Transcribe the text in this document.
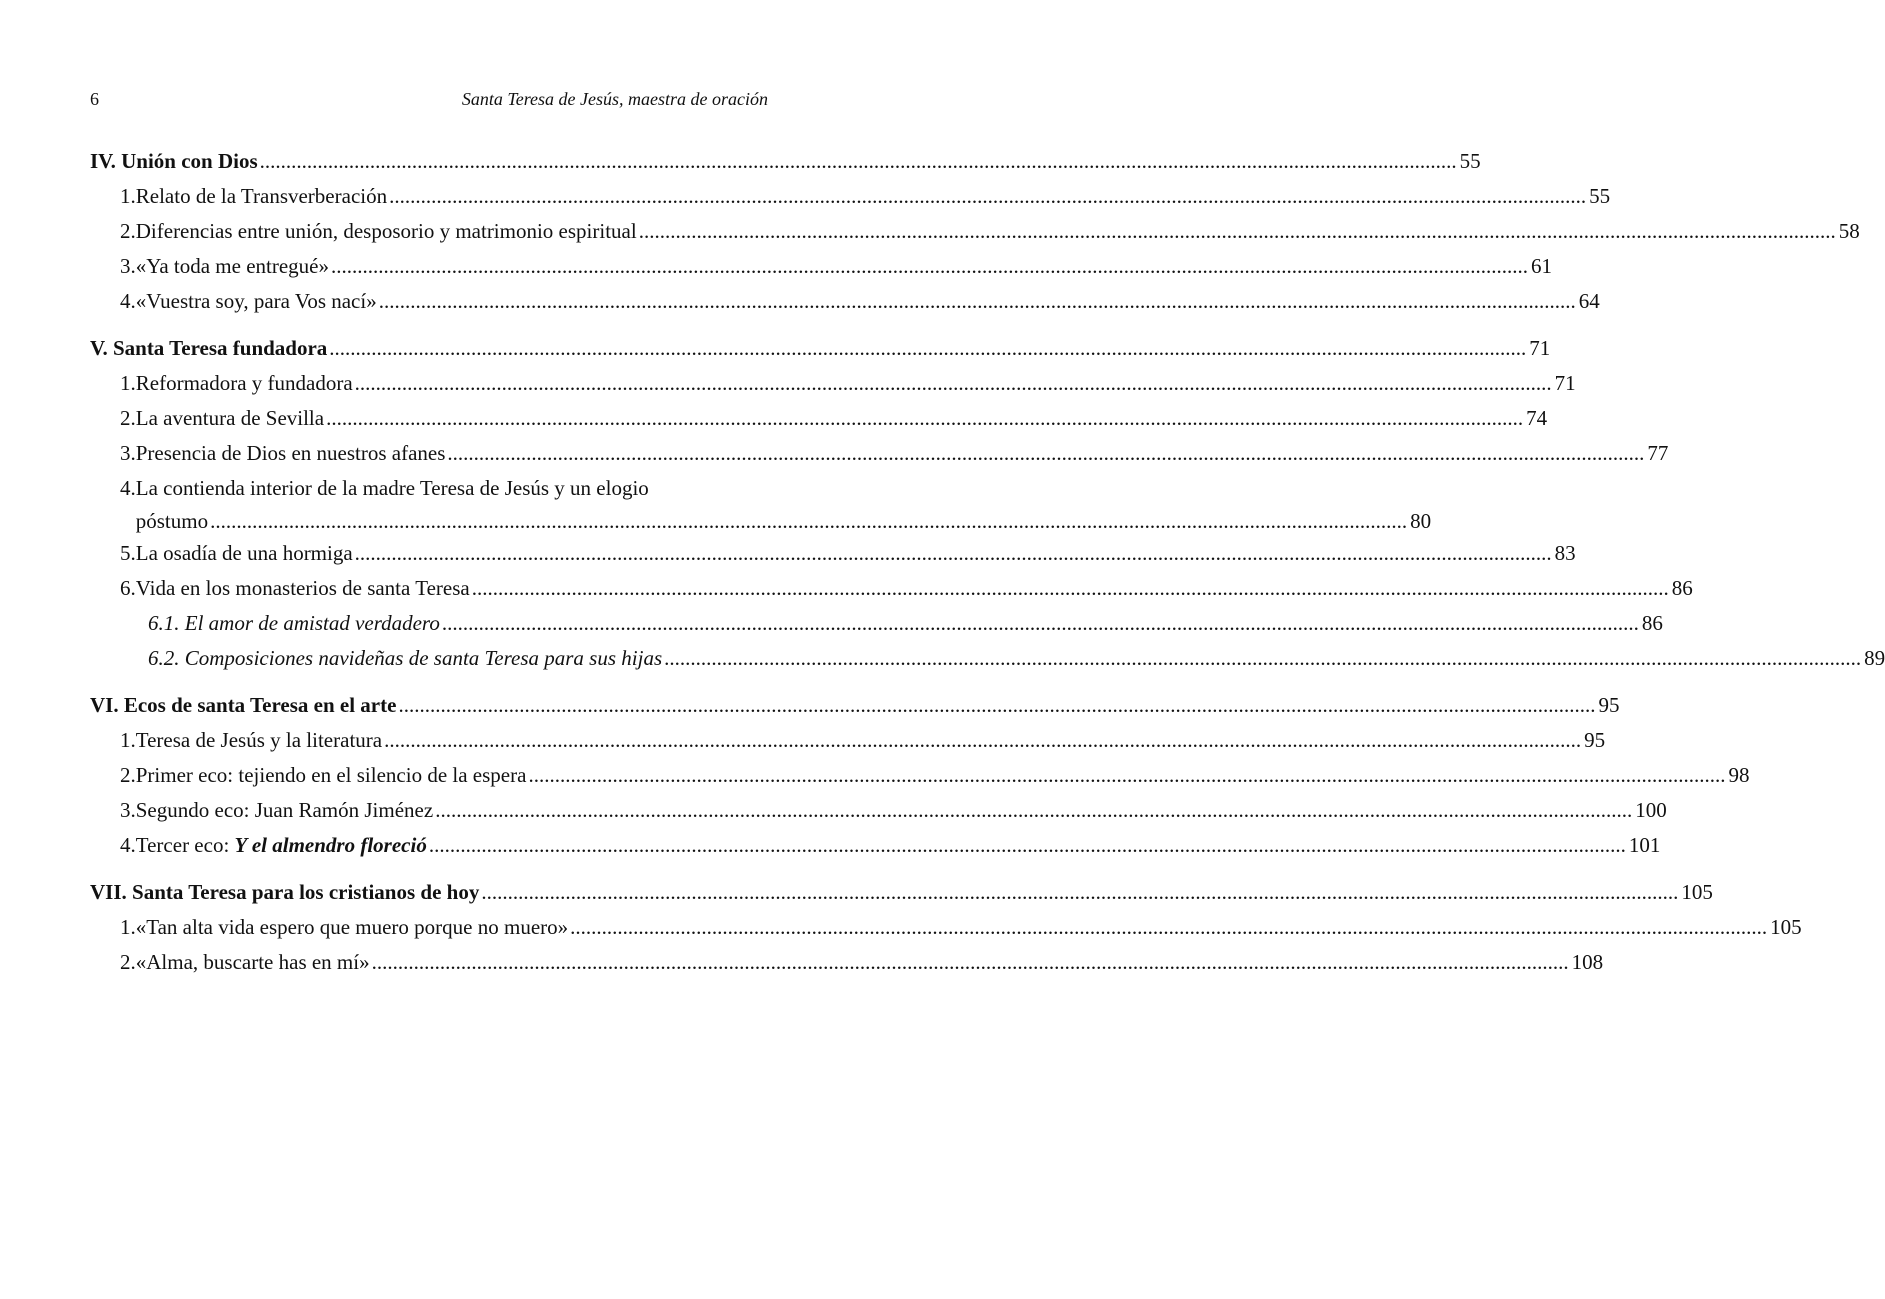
6	Santa Teresa de Jesús, maestra de oración
IV. Unión con Dios .....	55
1. Relato de la Transverberación .....	55
2. Diferencias entre unión, desposorio y matrimonio espiritual .....	58
3. «Ya toda me entregué» .....	61
4. «Vuestra soy, para Vos nací» .....	64
V. Santa Teresa fundadora .....	71
1. Reformadora y fundadora .....	71
2. La aventura de Sevilla .....	74
3. Presencia de Dios en nuestros afanes .....	77
4. La contienda interior de la madre Teresa de Jesús y un elogio
póstumo .....	80
5. La osadía de una hormiga .....	83
6. Vida en los monasterios de santa Teresa .....	86
6.1. El amor de amistad verdadero .....	86
6.2. Composiciones navideñas de santa Teresa para sus hijas .....	89
VI. Ecos de santa Teresa en el arte .....	95
1. Teresa de Jesús y la literatura .....	95
2. Primer eco: tejiendo en el silencio de la espera .....	98
3. Segundo eco: Juan Ramón Jiménez .....	100
4. Tercer eco: Y el almendro floreció .....	101
VII. Santa Teresa para los cristianos de hoy .....	105
1. «Tan alta vida espero que muero porque no muero» .....	105
2. «Alma, buscarte has en mí» .....	108
